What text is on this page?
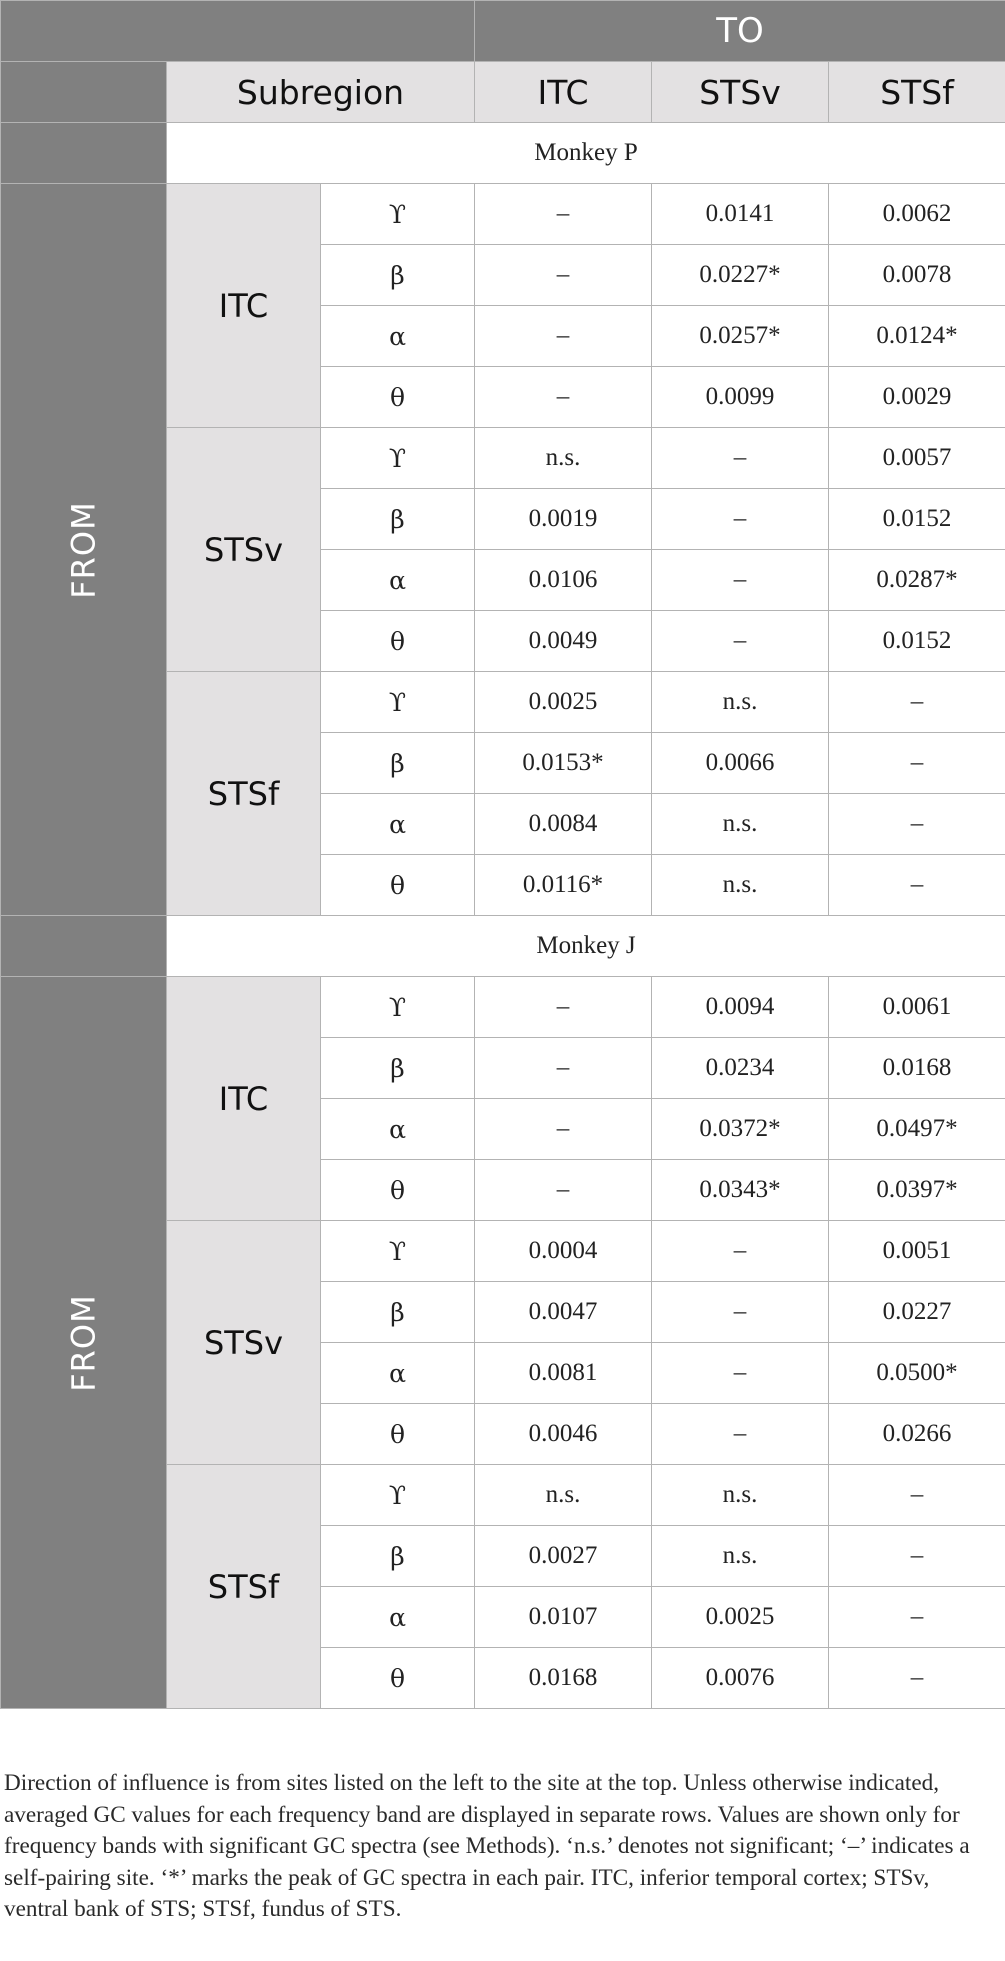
			TO		
	Subregion		ITC	STSv	STSf
	Monkey P				
FROM	ITC	ϒ	–	0.0141	0.0062
		β	–	0.0227*	0.0078
		α	–	0.0257*	0.0124*
		θ	–	0.0099	0.0029
	STSv	ϒ	n.s.	–	0.0057
		β	0.0019	–	0.0152
		α	0.0106	–	0.0287*
		θ	0.0049	–	0.0152
	STSf	ϒ	0.0025	n.s.	–
		β	0.0153*	0.0066	–
		α	0.0084	n.s.	–
		θ	0.0116*	n.s.	–
	Monkey J				
FROM	ITC	ϒ	–	0.0094	0.0061
		β	–	0.0234	0.0168
		α	–	0.0372*	0.0497*
		θ	–	0.0343*	0.0397*
	STSv	ϒ	0.0004	–	0.0051
		β	0.0047	–	0.0227
		α	0.0081	–	0.0500*
		θ	0.0046	–	0.0266
	STSf	ϒ	n.s.	n.s.	–
		β	0.0027	n.s.	–
		α	0.0107	0.0025	–
		θ	0.0168	0.0076	–

Direction of influence is from sites listed on the left to the site at the top. Unless otherwise indicated, averaged GC values for each frequency band are displayed in separate rows. Values are shown only for frequency bands with significant GC spectra (see Methods). ‘n.s.’ denotes not significant; ‘–’ indicates a self-pairing site. ‘*’ marks the peak of GC spectra in each pair. ITC, inferior temporal cortex; STSv, ventral bank of STS; STSf, fundus of STS.
